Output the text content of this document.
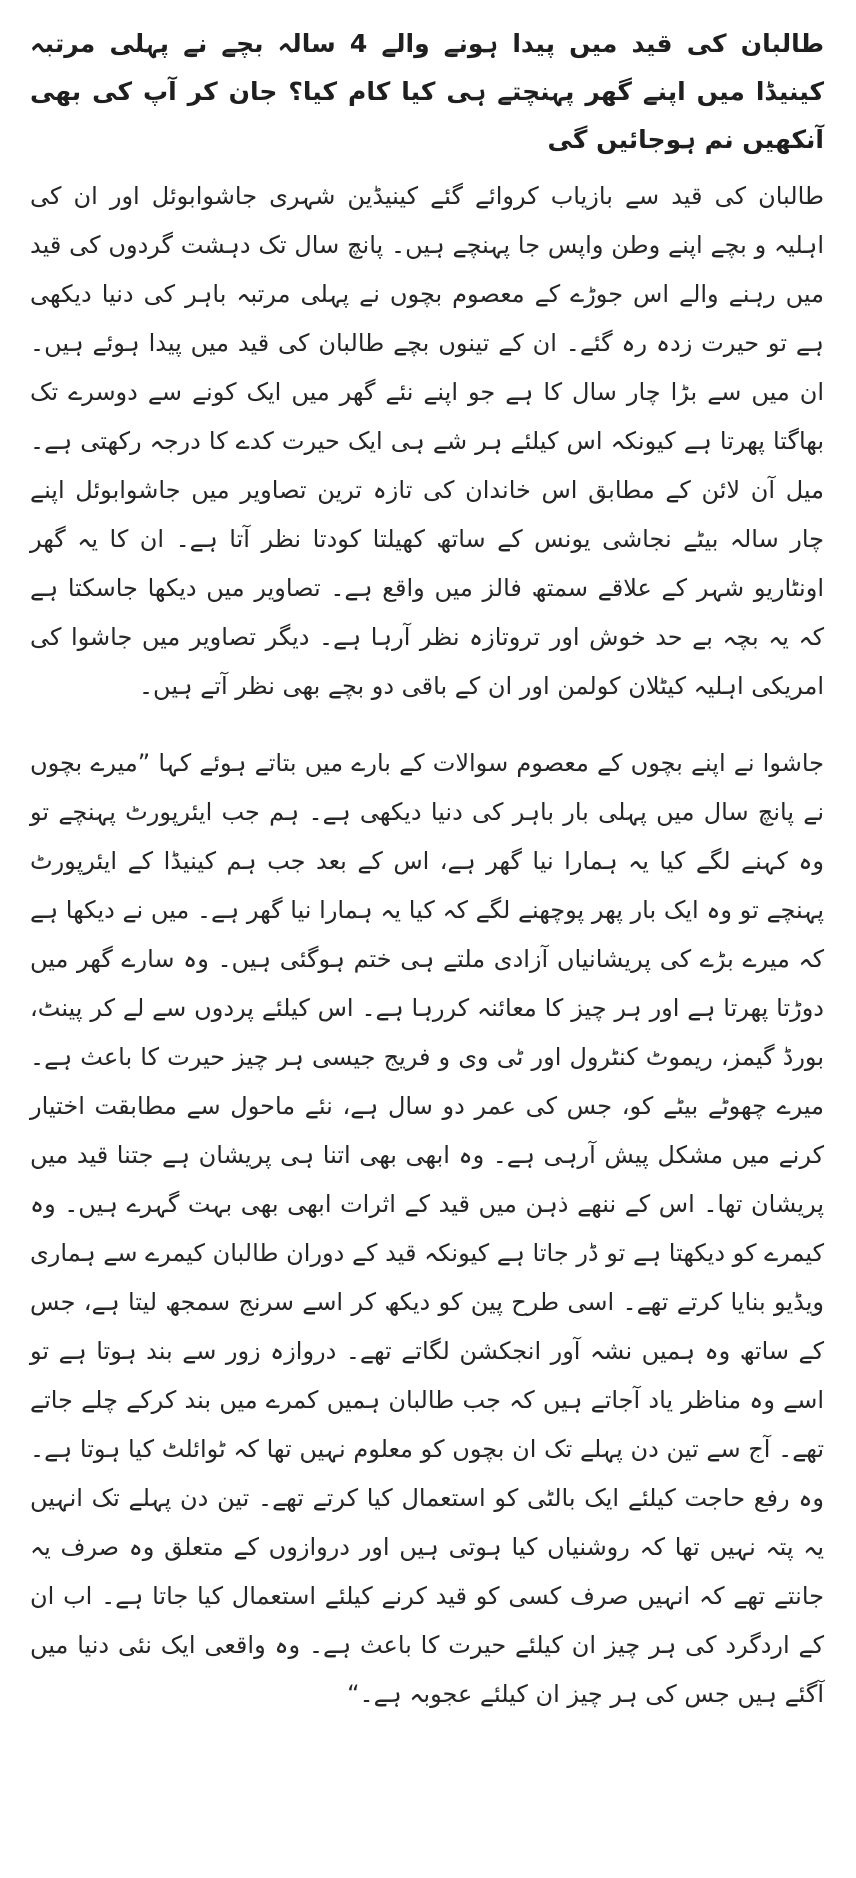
طالبان کی قید میں پیدا ہونے والے 4 سالہ بچے نے پہلی مرتبہ کینیڈا میں اپنے گھر پہنچتے ہی کیا کام کیا؟ جان کر آپ کی بھی آنکھیں نم ہوجائیں گی

طالبان کی قید سے بازیاب کروائے گئے کینیڈین شہری جاشوابوئل اور ان کی اہلیہ و بچے اپنے وطن واپس جا پہنچے ہیں۔ پانچ سال تک دہشت گردوں کی قید میں رہنے والے اس جوڑے کے معصوم بچوں نے پہلی مرتبہ باہر کی دنیا دیکھی ہے تو حیرت زدہ رہ گئے۔ ان کے تینوں بچے طالبان کی قید میں پیدا ہوئے ہیں۔ ان میں سے بڑا چار سال کا ہے جو اپنے نئے گھر میں ایک کونے سے دوسرے تک بھاگتا پھرتا ہے کیونکہ اس کیلئے ہر شے ہی ایک حیرت کدے کا درجہ رکھتی ہے۔ میل آن لائن کے مطابق اس خاندان کی تازہ ترین تصاویر میں جاشوابوئل اپنے چار سالہ بیٹے نجاشی یونس کے ساتھ کھیلتا کودتا نظر آتا ہے۔ ان کا یہ گھر اونٹاریو شہر کے علاقے سمتھ فالز میں واقع ہے۔ تصاویر میں دیکھا جاسکتا ہے کہ یہ بچہ بے حد خوش اور تروتازہ نظر آرہا ہے۔ دیگر تصاویر میں جاشوا کی امریکی اہلیہ کیٹلان کولمن اور ان کے باقی دو بچے بھی نظر آتے ہیں۔

جاشوا نے اپنے بچوں کے معصوم سوالات کے بارے میں بتاتے ہوئے کہا ”میرے بچوں نے پانچ سال میں پہلی بار باہر کی دنیا دیکھی ہے۔ ہم جب ایئرپورٹ پہنچے تو وہ کہنے لگے کیا یہ ہمارا نیا گھر ہے، اس کے بعد جب ہم کینیڈا کے ایئرپورٹ پہنچے تو وہ ایک بار پھر پوچھنے لگے کہ کیا یہ ہمارا نیا گھر ہے۔ میں نے دیکھا ہے کہ میرے بڑے کی پریشانیاں آزادی ملتے ہی ختم ہوگئی ہیں۔ وہ سارے گھر میں دوڑتا پھرتا ہے اور ہر چیز کا معائنہ کررہا ہے۔ اس کیلئے پردوں سے لے کر پینٹ، بورڈ گیمز، ریموٹ کنٹرول اور ٹی وی و فریج جیسی ہر چیز حیرت کا باعث ہے۔ میرے چھوٹے بیٹے کو، جس کی عمر دو سال ہے، نئے ماحول سے مطابقت اختیار کرنے میں مشکل پیش آرہی ہے۔ وہ ابھی بھی اتنا ہی پریشان ہے جتنا قید میں پریشان تھا۔ اس کے ننھے ذہن میں قید کے اثرات ابھی بھی بہت گہرے ہیں۔ وہ کیمرے کو دیکھتا ہے تو ڈر جاتا ہے کیونکہ قید کے دوران طالبان کیمرے سے ہماری ویڈیو بنایا کرتے تھے۔ اسی طرح پین کو دیکھ کر اسے سرنج سمجھ لیتا ہے، جس کے ساتھ وہ ہمیں نشہ آور انجکشن لگاتے تھے۔ دروازہ زور سے بند ہوتا ہے تو اسے وہ مناظر یاد آجاتے ہیں کہ جب طالبان ہمیں کمرے میں بند کرکے چلے جاتے تھے۔ آج سے تین دن پہلے تک ان بچوں کو معلوم نہیں تھا کہ ٹوائلٹ کیا ہوتا ہے۔ وہ رفع حاجت کیلئے ایک بالٹی کو استعمال کیا کرتے تھے۔ تین دن پہلے تک انہیں یہ پتہ نہیں تھا کہ روشنیاں کیا ہوتی ہیں اور دروازوں کے متعلق وہ صرف یہ جانتے تھے کہ انہیں صرف کسی کو قید کرنے کیلئے استعمال کیا جاتا ہے۔ اب ان کے اردگرد کی ہر چیز ان کیلئے حیرت کا باعث ہے۔ وہ واقعی ایک نئی دنیا میں آگئے ہیں جس کی ہر چیز ان کیلئے عجوبہ ہے۔“
